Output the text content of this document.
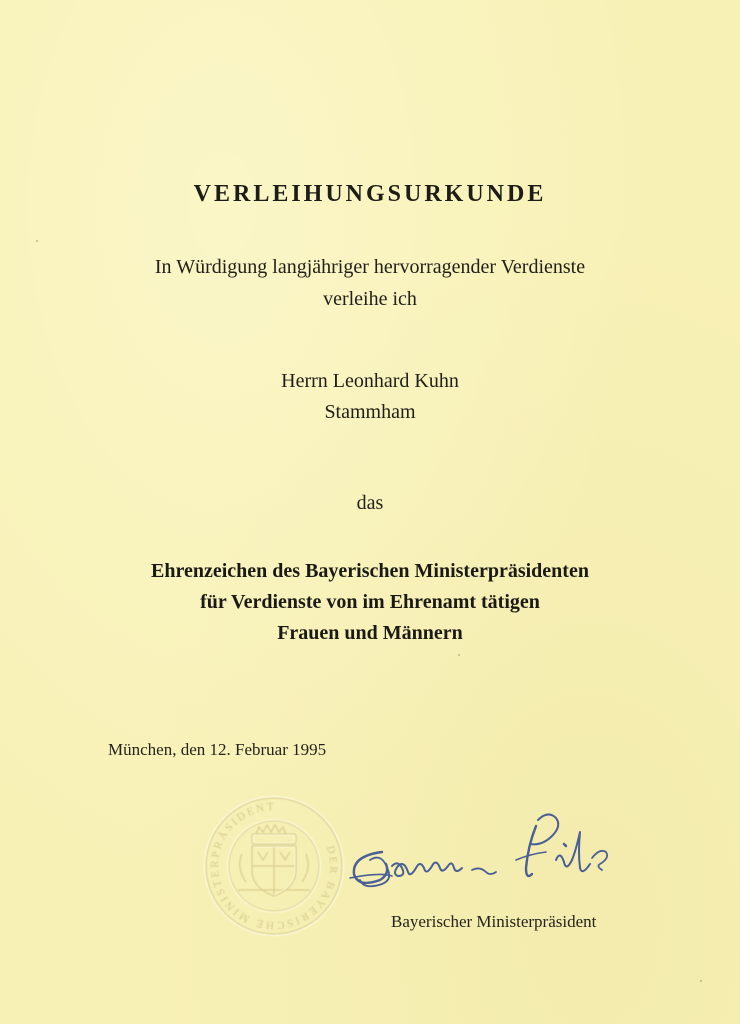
VERLEIHUNGSURKUNDE
In Würdigung langjähriger hervorragender Verdienste
verleihe ich
Herrn Leonhard Kuhn
Stammham
das
Ehrenzeichen des Bayerischen Ministerpräsidenten
für Verdienste von im Ehrenamt tätigen
Frauen und Männern
München, den 12. Februar 1995
DER BAYERISCHE MINISTERPRÄSIDENT
Bayerischer Ministerpräsident
